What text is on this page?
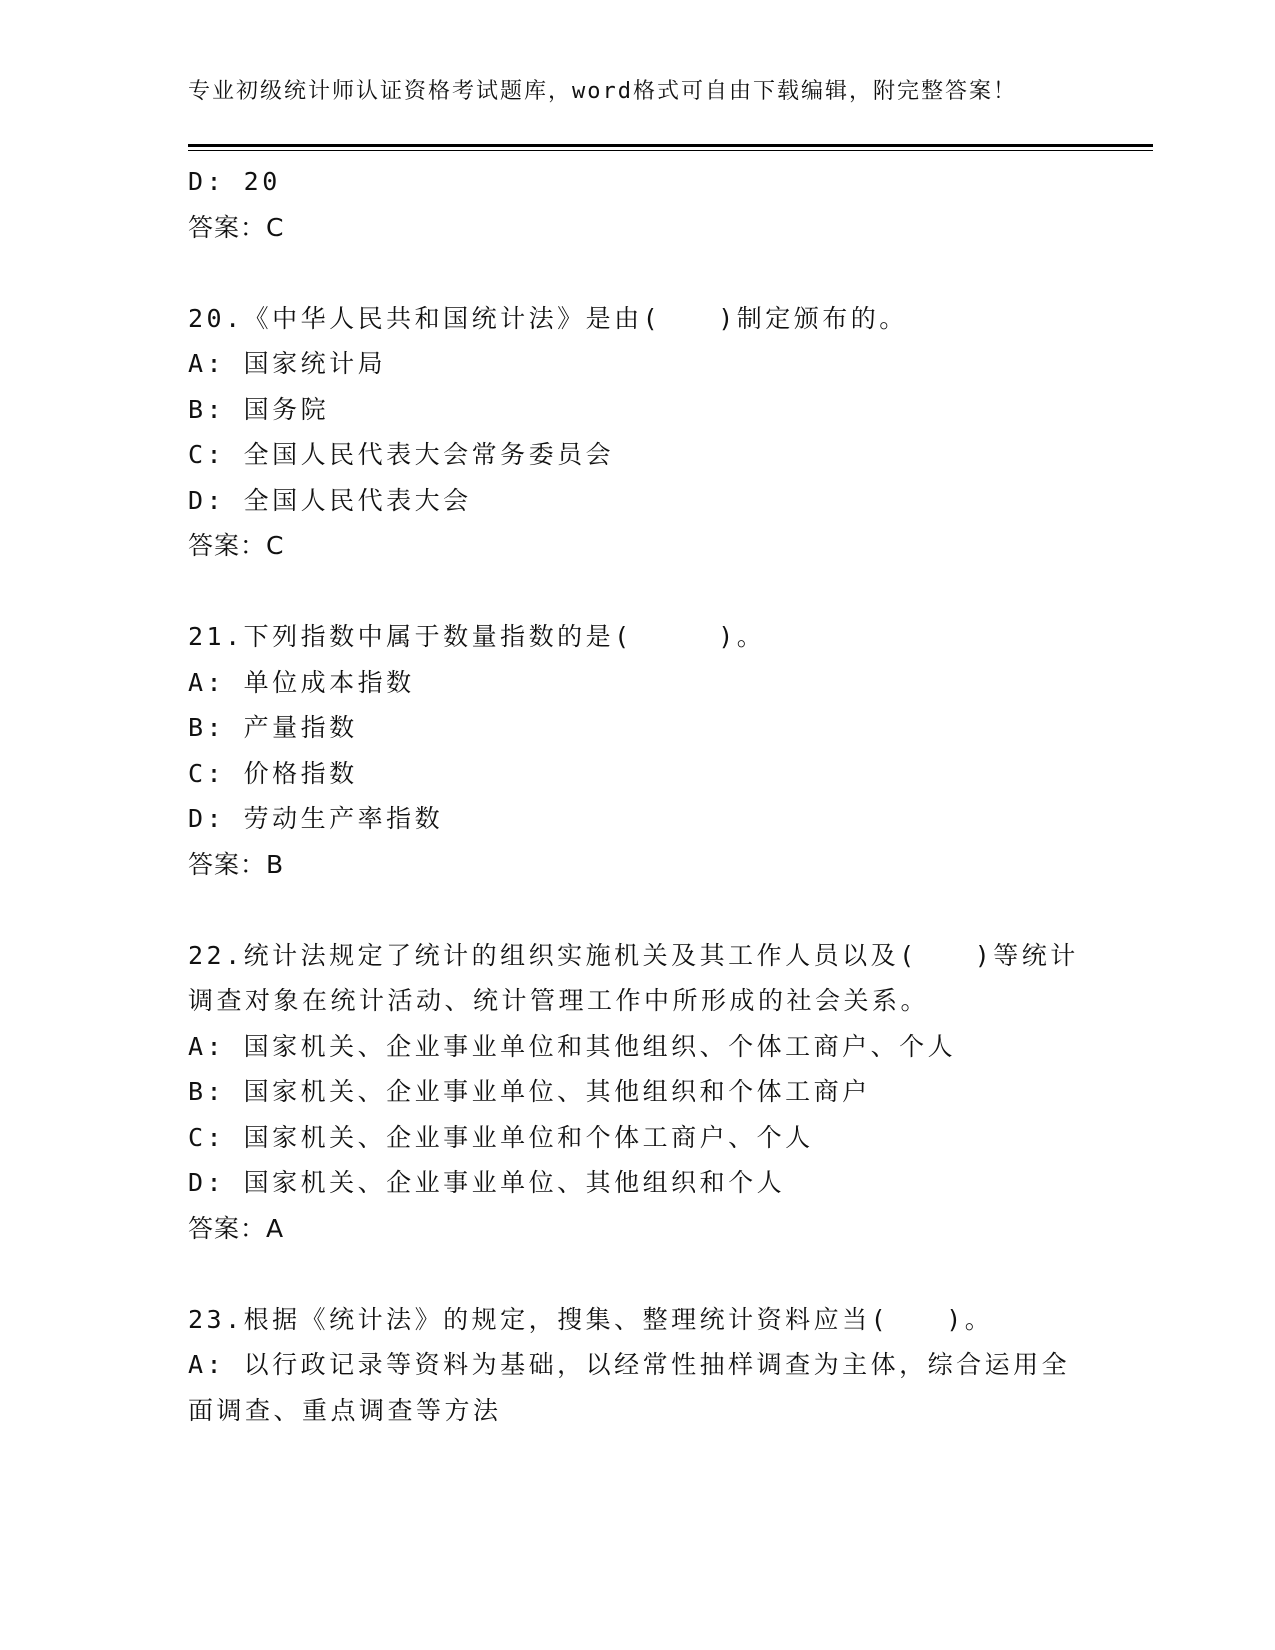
专业初级统计师认证资格考试题库，word格式可自由下载编辑，附完整答案！
D: 20
答案：C
20.《中华人民共和国统计法》是由(　　)制定颁布的。
A: 国家统计局
B: 国务院
C: 全国人民代表大会常务委员会
D: 全国人民代表大会
答案：C
21.下列指数中属于数量指数的是(　　　)。
A: 单位成本指数
B: 产量指数
C: 价格指数
D: 劳动生产率指数
答案：B
22.统计法规定了统计的组织实施机关及其工作人员以及(　　)等统计
调查对象在统计活动、统计管理工作中所形成的社会关系。
A: 国家机关、企业事业单位和其他组织、个体工商户、个人
B: 国家机关、企业事业单位、其他组织和个体工商户
C: 国家机关、企业事业单位和个体工商户、个人
D: 国家机关、企业事业单位、其他组织和个人
答案：A
23.根据《统计法》的规定，搜集、整理统计资料应当(　　)。
A: 以行政记录等资料为基础，以经常性抽样调查为主体，综合运用全
面调查、重点调查等方法
